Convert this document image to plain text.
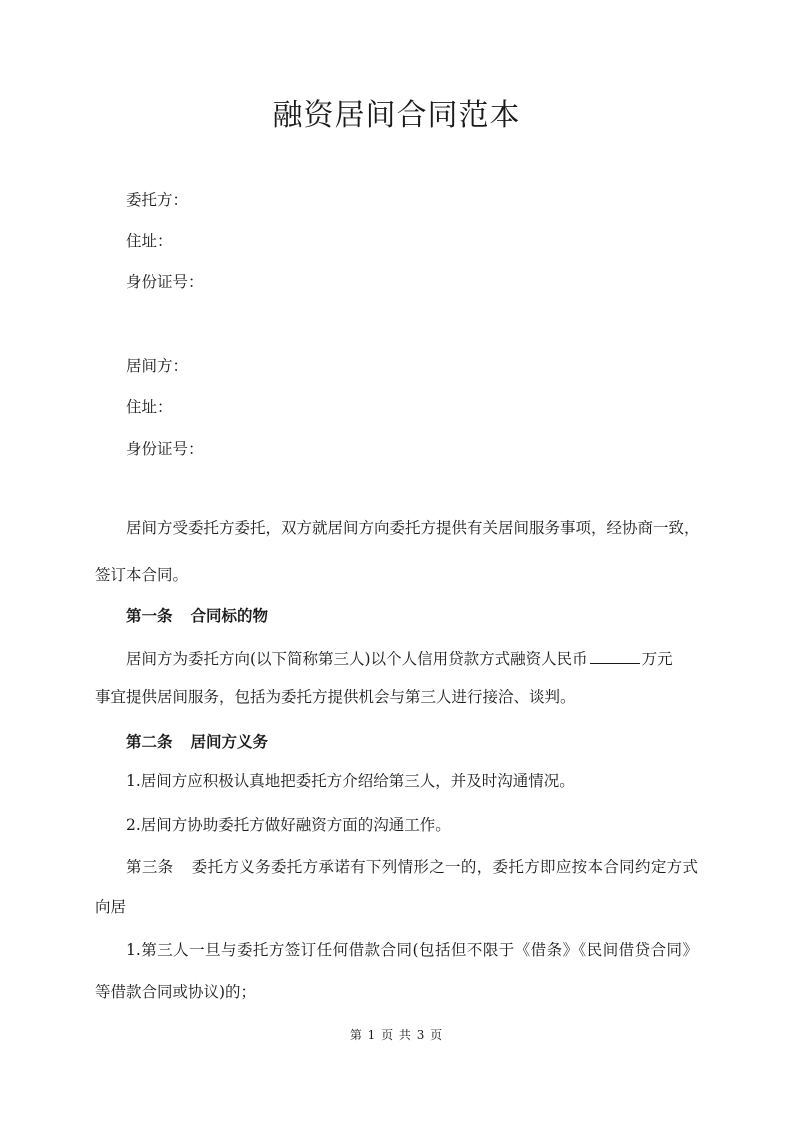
融资居间合同范本
委托方：
住址：
身份证号：
居间方：
住址：
身份证号：
居间方受委托方委托，双方就居间方向委托方提供有关居间服务事项，经协商一致，
签订本合同。
第一条 合同标的物
居间方为委托方向(以下简称第三人)以个人信用贷款方式融资人民币	万元
事宜提供居间服务，包括为委托方提供机会与第三人进行接洽、谈判。
第二条 居间方义务
1.居间方应积极认真地把委托方介绍给第三人，并及时沟通情况。
2.居间方协助委托方做好融资方面的沟通工作。
第三条 委托方义务委托方承诺有下列情形之一的，委托方即应按本合同约定方式
向居
1.第三人一旦与委托方签订任何借款合同(包括但不限于《借条》《民间借贷合同》
等借款合同或协议)的；
第 1 页 共 3 页
